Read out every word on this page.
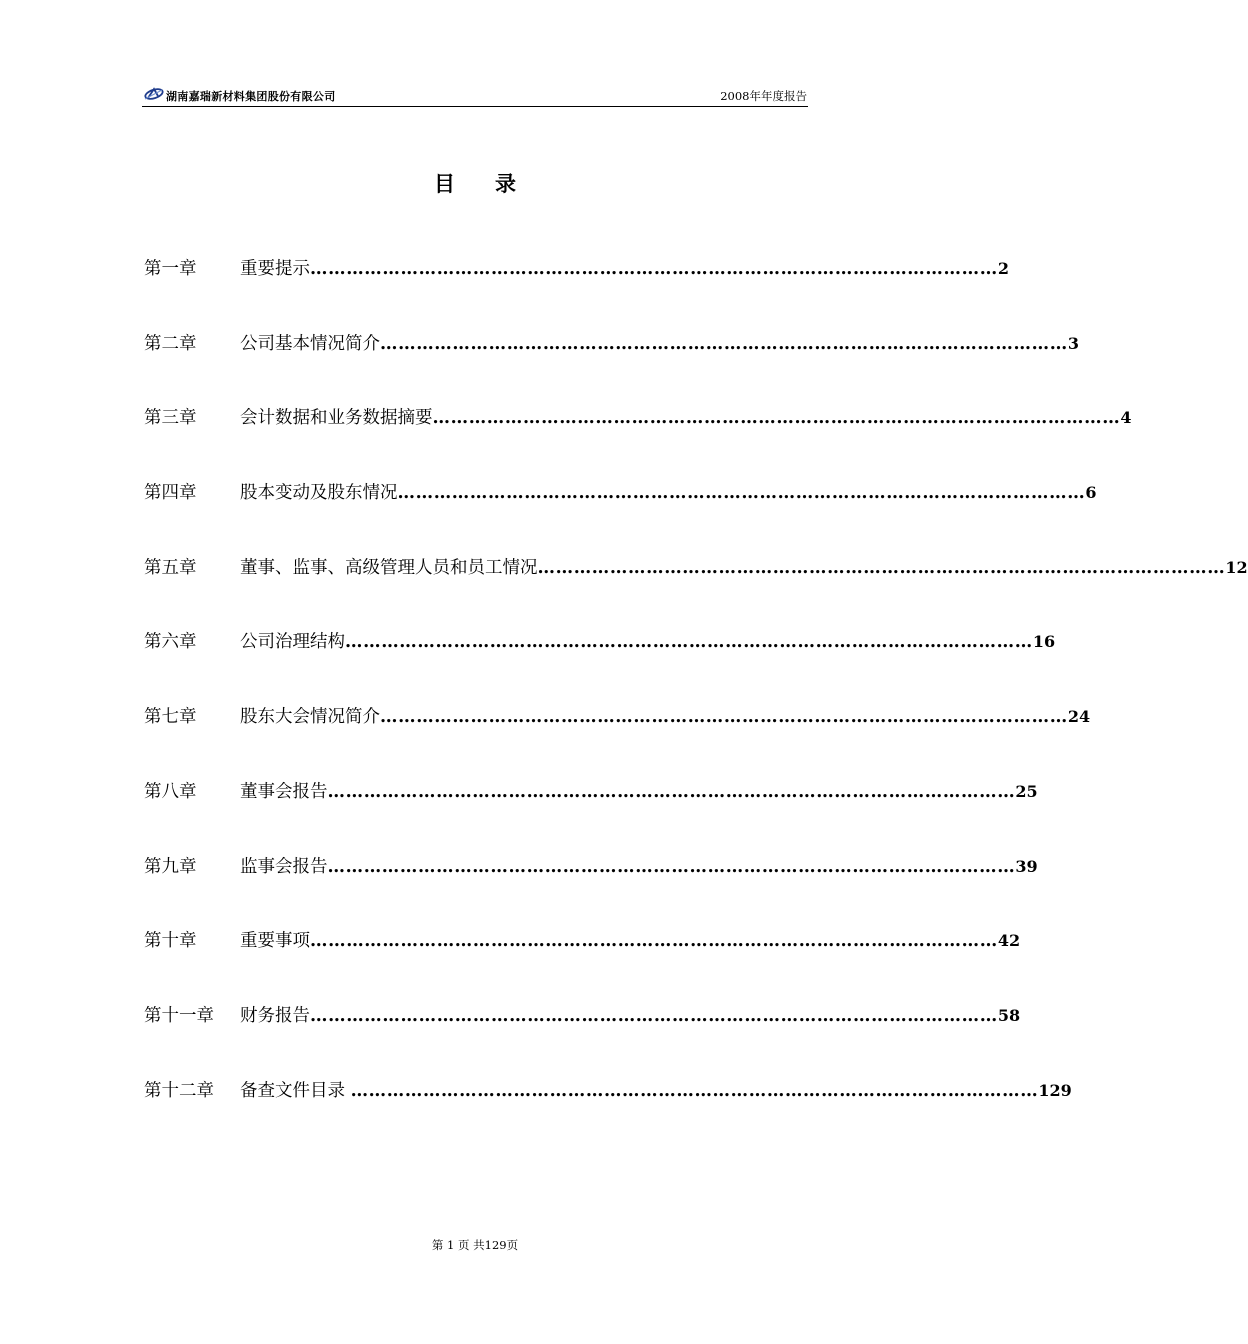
湖南嘉瑞新材料集团股份有限公司	2008年年度报告
目录
第一章 重要提示 …………………………………………………………………………………………………… 2
第二章 公司基本情况简介 …………………………………………………………………………………………………… 3
第三章 会计数据和业务数据摘要 …………………………………………………………………………………………………… 4
第四章 股本变动及股东情况 …………………………………………………………………………………………………… 6
第五章 董事、监事、高级管理人员和员工情况 …………………………………………………………………………………………………… 12
第六章 公司治理结构 …………………………………………………………………………………………………… 16
第七章 股东大会情况简介 …………………………………………………………………………………………………… 24
第八章 董事会报告 …………………………………………………………………………………………………… 25
第九章 监事会报告 …………………………………………………………………………………………………… 39
第十章 重要事项 …………………………………………………………………………………………………… 42
第十一章 财务报告 …………………………………………………………………………………………………… 58
第十二章 备查文件目录 …………………………………………………………………………………………………… 129
第 1 页 共129页
